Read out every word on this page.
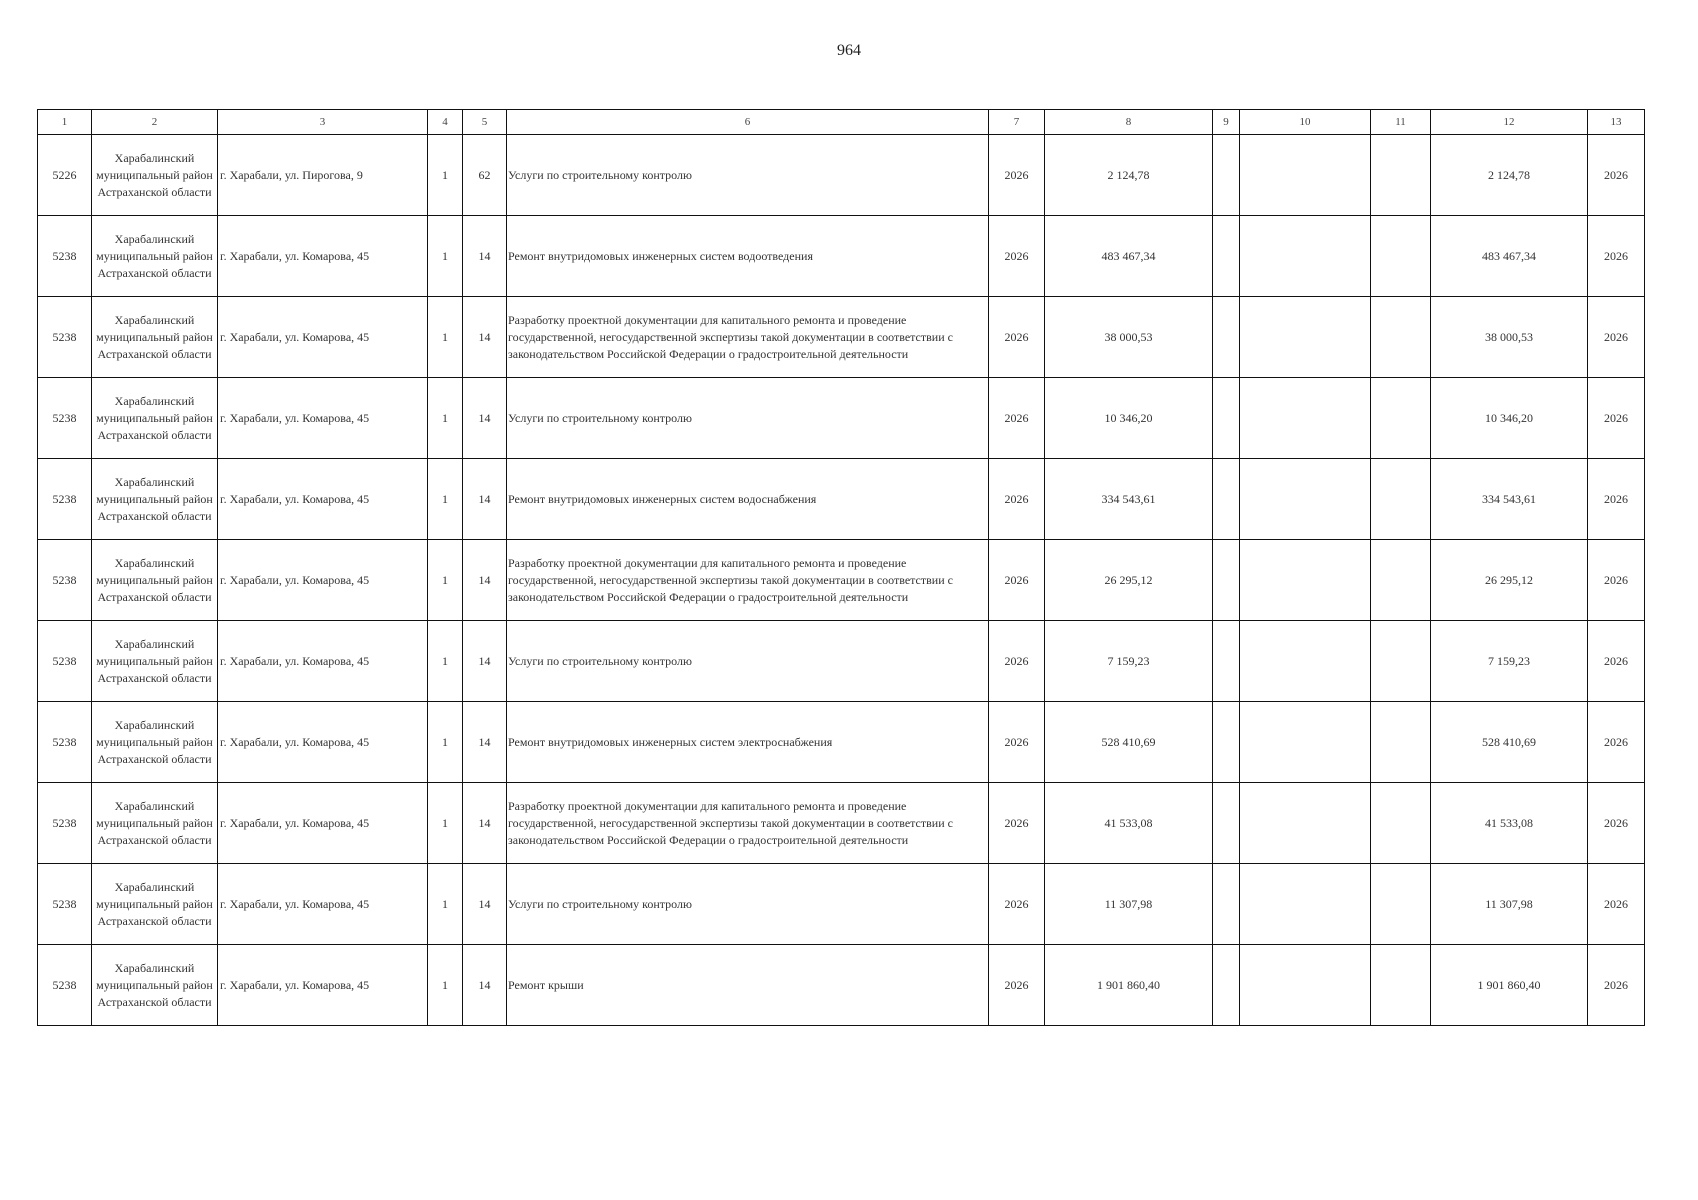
964
1	2	3	4	5	6	7	8	9	10	11	12	13
5226	Харабалинский муниципальный район Астраханской области	г. Харабали, ул. Пирогова, 9	1	62	Услуги по строительному контролю	2026	2 124,78				2 124,78	2026
5238	Харабалинский муниципальный район Астраханской области	г. Харабали, ул. Комарова, 45	1	14	Ремонт внутридомовых инженерных систем водоотведения	2026	483 467,34				483 467,34	2026
5238	Харабалинский муниципальный район Астраханской области	г. Харабали, ул. Комарова, 45	1	14	Разработку проектной документации для капитального ремонта и проведение государственной, негосударственной экспертизы такой документации в соответствии с законодательством Российской Федерации о градостроительной деятельности	2026	38 000,53				38 000,53	2026
5238	Харабалинский муниципальный район Астраханской области	г. Харабали, ул. Комарова, 45	1	14	Услуги по строительному контролю	2026	10 346,20				10 346,20	2026
5238	Харабалинский муниципальный район Астраханской области	г. Харабали, ул. Комарова, 45	1	14	Ремонт внутридомовых инженерных систем водоснабжения	2026	334 543,61				334 543,61	2026
5238	Харабалинский муниципальный район Астраханской области	г. Харабали, ул. Комарова, 45	1	14	Разработку проектной документации для капитального ремонта и проведение государственной, негосударственной экспертизы такой документации в соответствии с законодательством Российской Федерации о градостроительной деятельности	2026	26 295,12				26 295,12	2026
5238	Харабалинский муниципальный район Астраханской области	г. Харабали, ул. Комарова, 45	1	14	Услуги по строительному контролю	2026	7 159,23				7 159,23	2026
5238	Харабалинский муниципальный район Астраханской области	г. Харабали, ул. Комарова, 45	1	14	Ремонт внутридомовых инженерных систем электроснабжения	2026	528 410,69				528 410,69	2026
5238	Харабалинский муниципальный район Астраханской области	г. Харабали, ул. Комарова, 45	1	14	Разработку проектной документации для капитального ремонта и проведение государственной, негосударственной экспертизы такой документации в соответствии с законодательством Российской Федерации о градостроительной деятельности	2026	41 533,08				41 533,08	2026
5238	Харабалинский муниципальный район Астраханской области	г. Харабали, ул. Комарова, 45	1	14	Услуги по строительному контролю	2026	11 307,98				11 307,98	2026
5238	Харабалинский муниципальный район Астраханской области	г. Харабали, ул. Комарова, 45	1	14	Ремонт крыши	2026	1 901 860,40				1 901 860,40	2026
